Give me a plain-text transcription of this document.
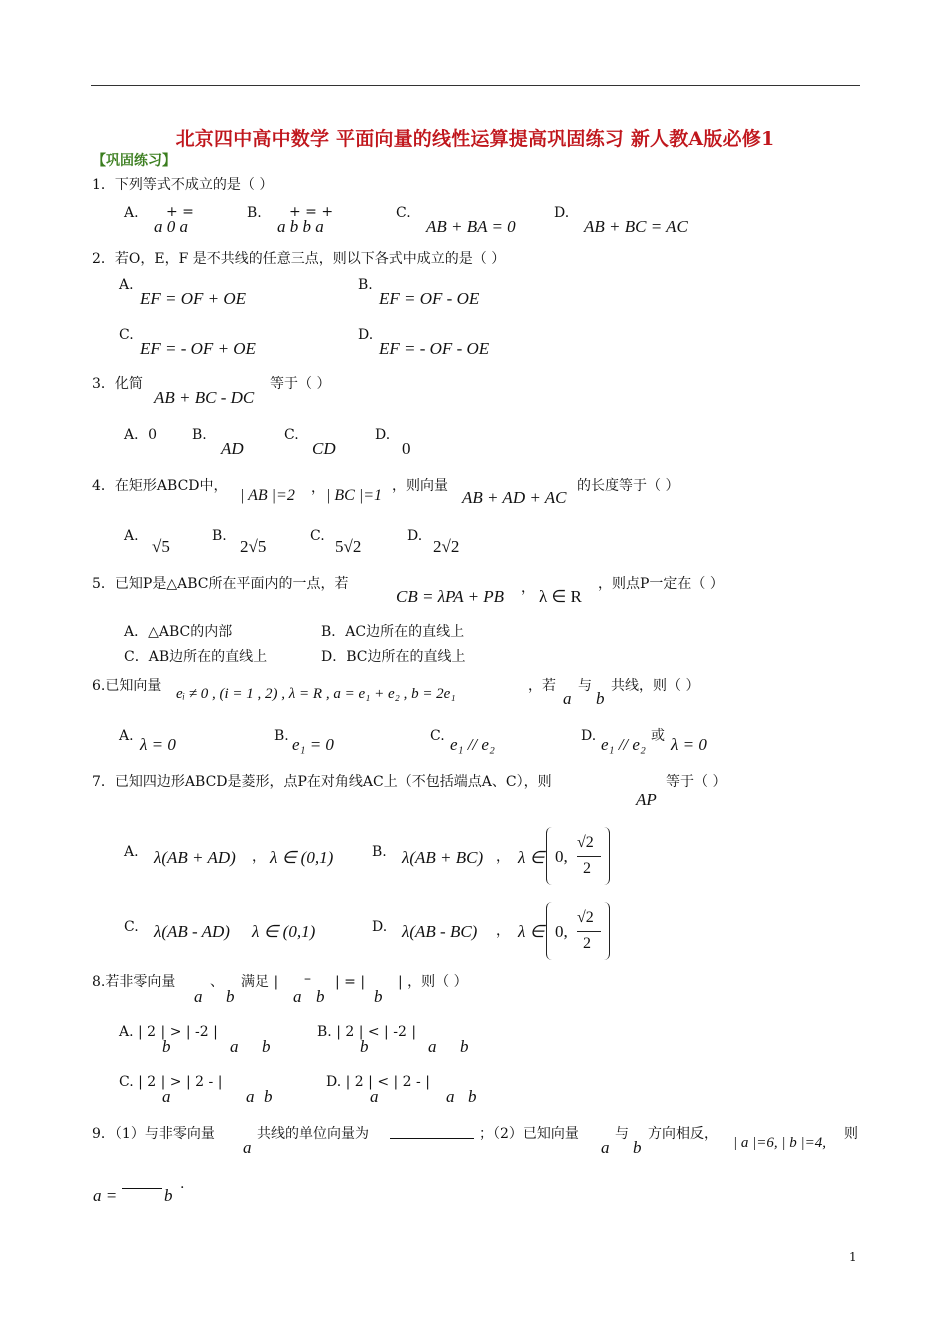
北京四中高中数学 平面向量的线性运算提高巩固练习 新人教A版必修1
【巩固练习】
1．下列等式不成立的是（ ）
A. + =
a 0 a
B. + = +
a b b a
C.
AB + BA = 0
D.
AB + BC = AC
2．若O，E，F 是不共线的任意三点，则以下各式中成立的是（ ）
A.
EF = OF + OE
B.
EF = OF - OE
C.
EF = - OF + OE
D.
EF = - OF - OE
3．化简
AB + BC - DC
等于（ ）
A．0 B.
AD
C.
CD
D.
0
4．在矩形ABCD中，
| AB |=2 ， | BC |=1
，则向量
AB + AD + AC
的长度等于（ ）
A.
√5
B.
2√5
C.
5√2
D.
2√2
5．已知P是△ABC所在平面内的一点，若
CB = λPA + PB ， λ ∈ R
，则点P一定在（ ）
A．△ABC的内部	B．AC边所在的直线上
C．AB边所在的直线上	D．BC边所在的直线上
6.已知向量 eᵢ ≠ 0 , (i = 1 , 2) , λ = R , a = e₁ + e₂ , b = 2e₁	，若
a
与
b
共线，则（ ）
A. λ = 0	B. e₁ = 0	C. e₁ // e₂	D. e₁ // e₂ 或 λ = 0
7．已知四边形ABCD是菱形，点P在对角线AC上（不包括端点A、C），则
AP
等于（ ）
A. λ(AB + AD) ， λ ∈ (0,1)	B. λ(AB + BC) ， λ ∈ 0,
√2
2
C. λ(AB - AD) λ ∈ (0,1)	D. λ(AB - BC) ， λ ∈ 0,
√2
2
8.若非零向量
a
、
b
满足 |
a
–
b
| = |
b
| ，则（ ）
A. | 2 | > | -2 |
b	a b
B. | 2 | < | -2 |
b	a b
C. | 2 | > | 2 - |
a	a b
D. | 2 | < | 2 - |
a	a b
9．（1）与非零向量
a
共线的单位向量为	；（2）已知向量
a
与
b
方向相反，
| a |=6, | b |=4,
则
a =	b
.
1
